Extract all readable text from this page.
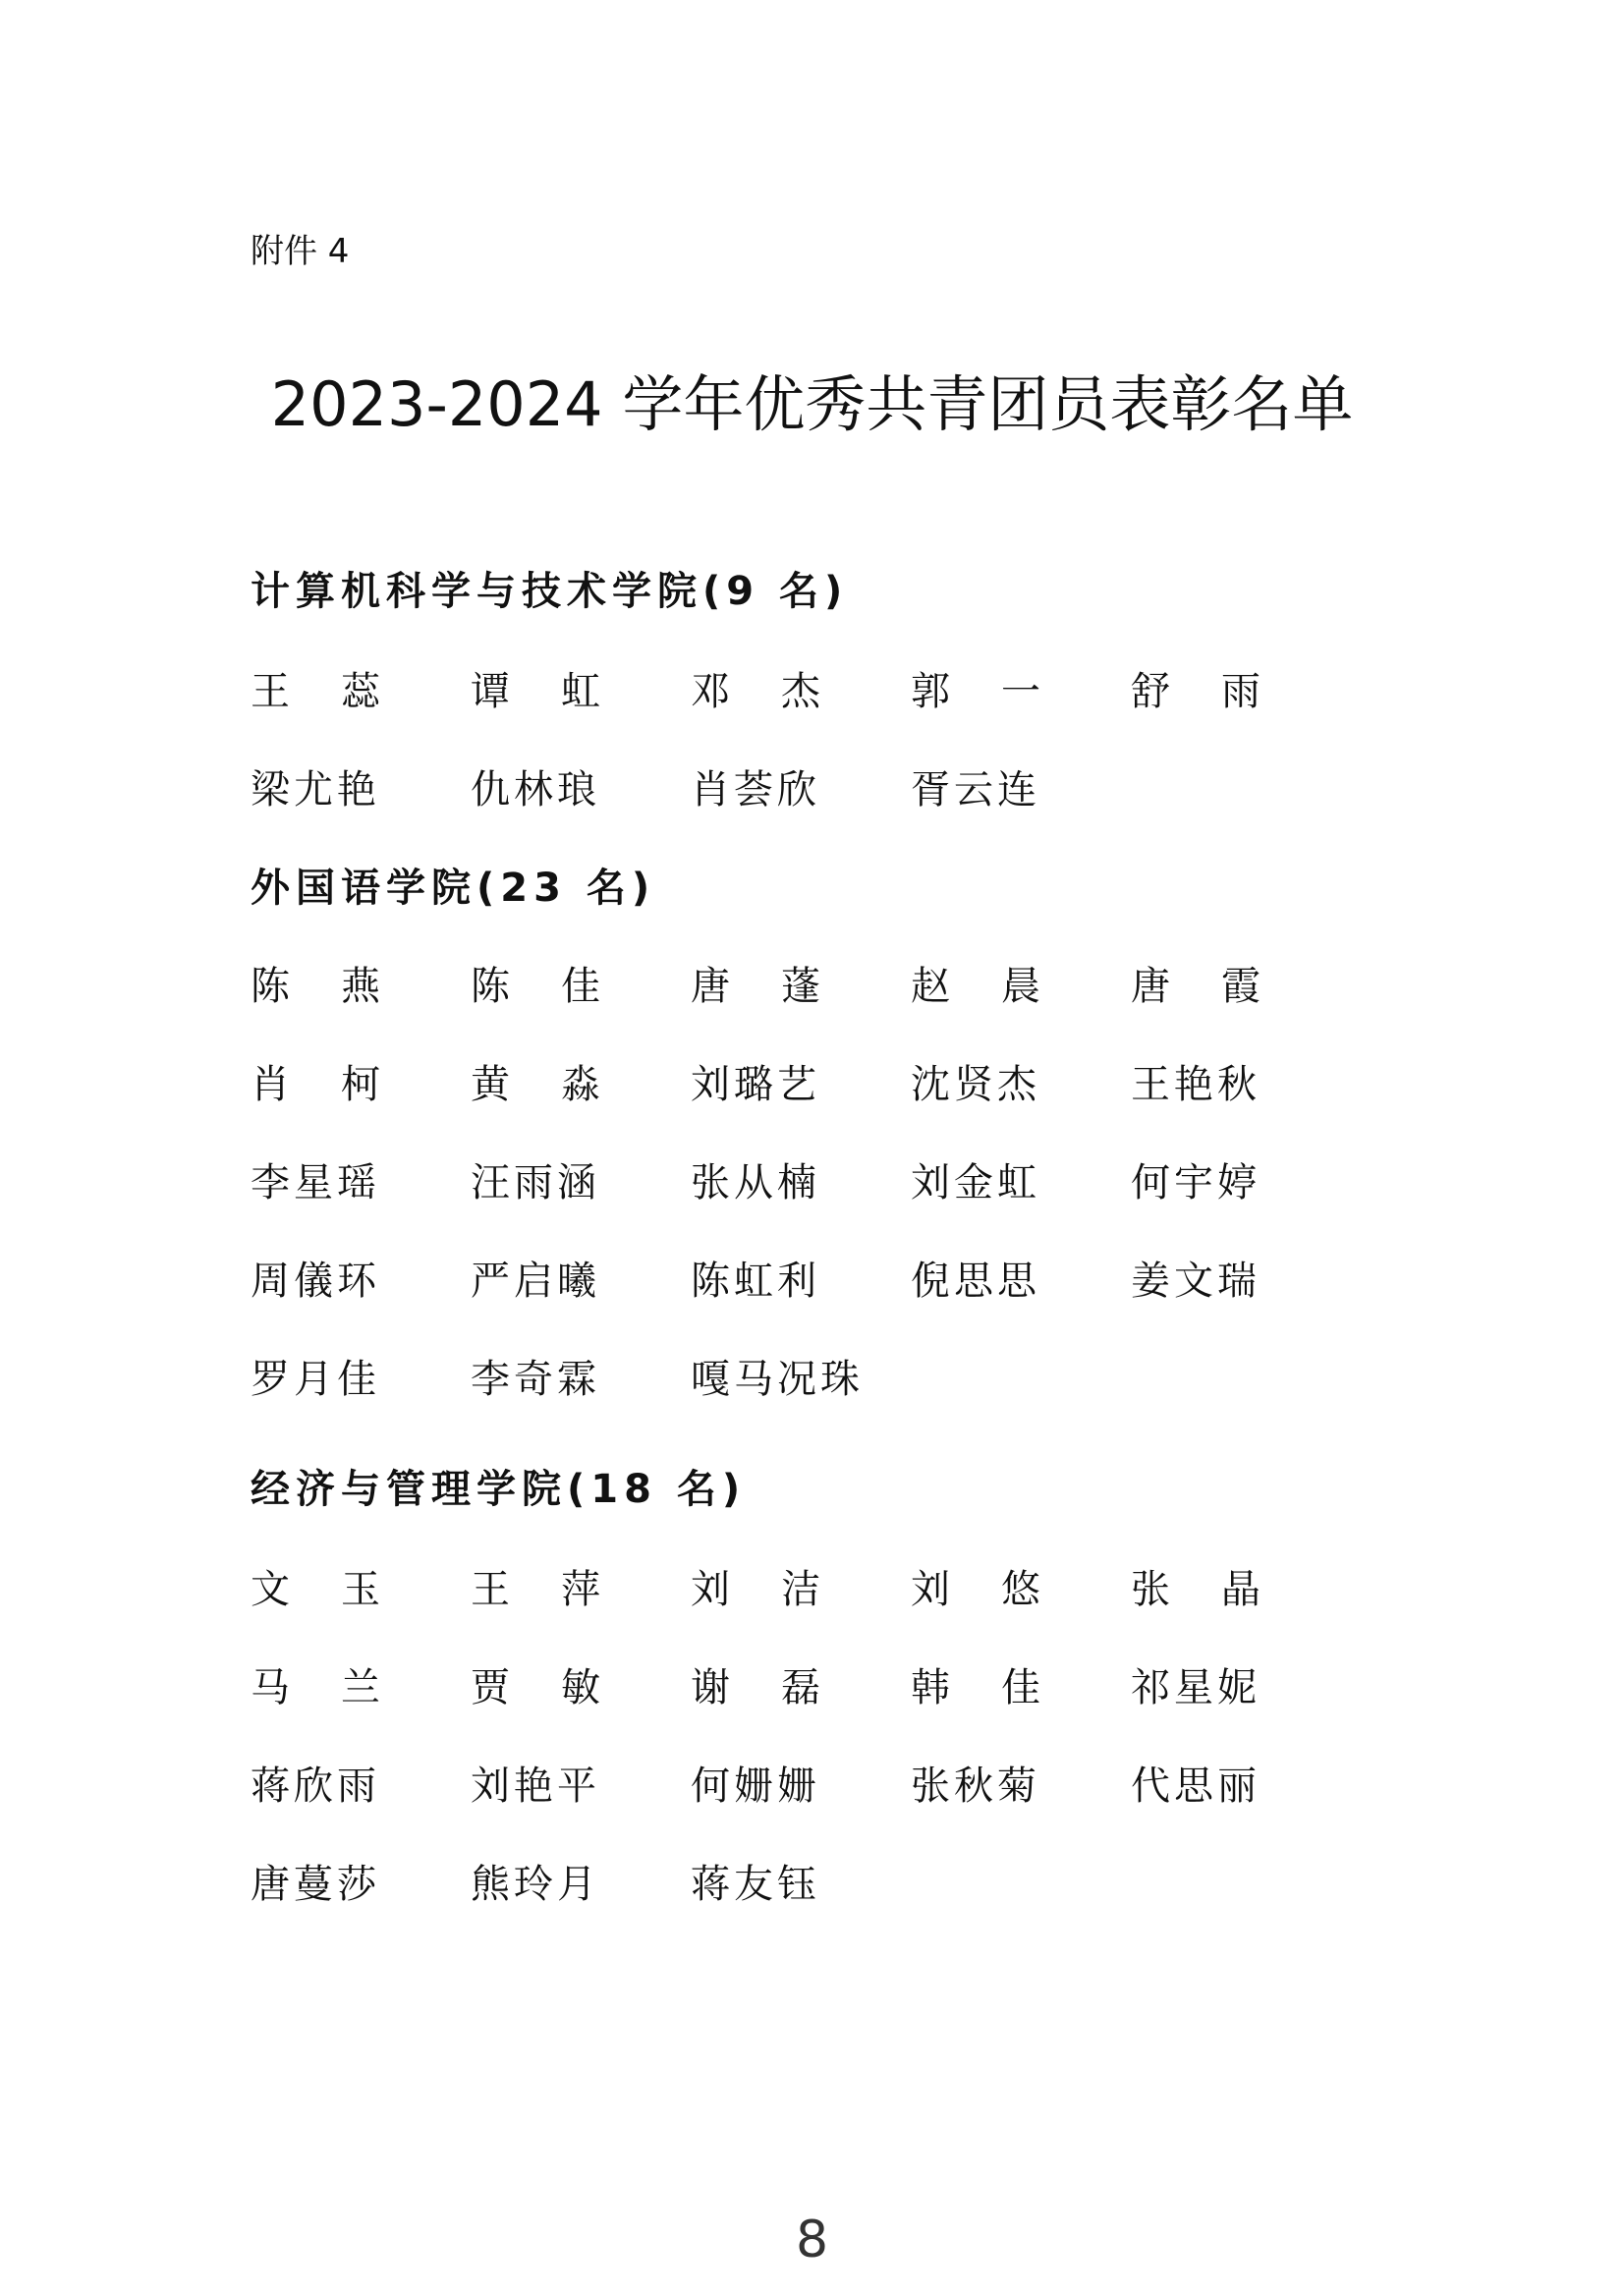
附件 4
2023-2024 学年优秀共青团员表彰名单
计算机科学与技术学院(9 名)
王 蕊 谭 虹 邓 杰 郭 一 舒 雨
梁尤艳 仇林琅 肖荟欣 胥云连
外国语学院(23 名)
陈 燕 陈 佳 唐 蓬 赵 晨 唐 霞
肖 柯 黄 淼 刘璐艺 沈贤杰 王艳秋
李星瑶 汪雨涵 张从楠 刘金虹 何宇婷
周儀环 严启曦 陈虹利 倪思思 姜文瑞
罗月佳 李奇霖 嘎马况珠
经济与管理学院(18 名)
文 玉 王 萍 刘 洁 刘 悠 张 晶
马 兰 贾 敏 谢 磊 韩 佳 祁星妮
蒋欣雨 刘艳平 何姗姗 张秋菊 代思丽
唐蔓莎 熊玲月 蒋友钰
8
